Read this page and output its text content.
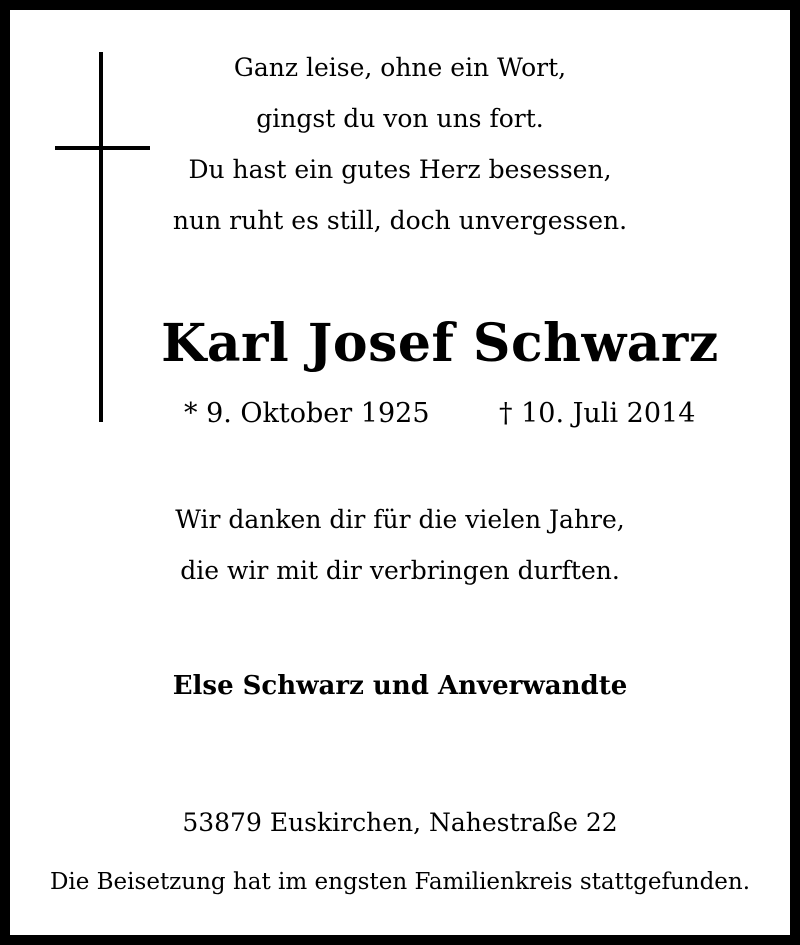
Ganz leise, ohne ein Wort,
gingst du von uns fort.
Du hast ein gutes Herz besessen,
nun ruht es still, doch unvergessen.
Karl Josef Schwarz
* 9. Oktober 1925	† 10. Juli 2014
Wir danken dir für die vielen Jahre,
die wir mit dir verbringen durften.
Else Schwarz und Anverwandte
53879 Euskirchen, Nahestraße 22
Die Beisetzung hat im engsten Familienkreis stattgefunden.
